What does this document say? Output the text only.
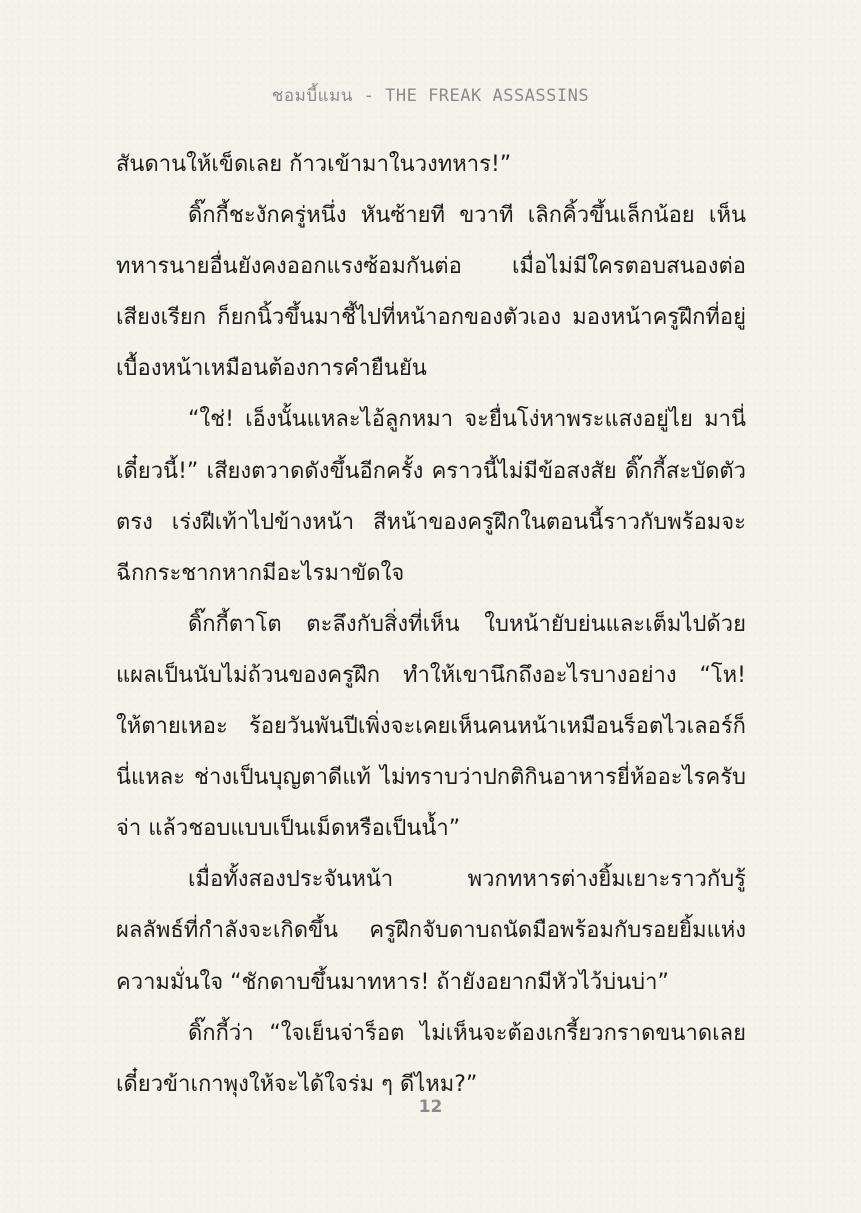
ชอมบี้แมน - THE FREAK ASSASSINS

สันดานให้เข็ดเลย ก้าวเข้ามาในวงทหาร!”

ดิ๊กกี้ชะงักครู่หนึ่ง หันซ้ายที ขวาที เลิกคิ้วขึ้นเล็กน้อย เห็นทหารนายอื่นยังคงออกแรงซ้อมกันต่อ เมื่อไม่มีใครตอบสนองต่อเสียงเรียก ก็ยกนิ้วขึ้นมาชี้ไปที่หน้าอกของตัวเอง มองหน้าครูฝึกที่อยู่เบื้องหน้าเหมือนต้องการคำยืนยัน

“ใช่! เอ็งนั้นแหละไอ้ลูกหมา จะยื่นโง่หาพระแสงอยู่ไย มานี่เดี๋ยวนี้!” เสียงตวาดดังขึ้นอีกครั้ง คราวนี้ไม่มีข้อสงสัย ดิ๊กกี้สะบัดตัวตรง เร่งฝีเท้าไปข้างหน้า สีหน้าของครูฝึกในตอนนี้ราวกับพร้อมจะฉีกกระชากหากมีอะไรมาขัดใจ

ดิ๊กกี้ตาโต ตะลึงกับสิ่งที่เห็น ใบหน้ายับย่นและเต็มไปด้วยแผลเป็นนับไม่ถ้วนของครูฝึก ทำให้เขานึกถึงอะไรบางอย่าง “โห! ให้ตายเหอะ ร้อยวันพันปีเพิ่งจะเคยเห็นคนหน้าเหมือนร็อตไวเลอร์ก็นี่แหละ ช่างเป็นบุญตาดีแท้ ไม่ทราบว่าปกติกินอาหารยี่ห้ออะไรครับจ่า แล้วชอบแบบเป็นเม็ดหรือเป็นน้ำ”

เมื่อทั้งสองประจันหน้า พวกทหารต่างยิ้มเยาะราวกับรู้ผลลัพธ์ที่กำลังจะเกิดขึ้น ครูฝึกจับดาบถนัดมือพร้อมกับรอยยิ้มแห่งความมั่นใจ “ชักดาบขึ้นมาทหาร! ถ้ายังอยากมีหัวไว้บ่นบ่า”

ดิ๊กกี้ว่า “ใจเย็นจ่าร็อต ไม่เห็นจะต้องเกรี้ยวกราดขนาดเลย เดี๋ยวข้าเกาพุงให้จะได้ใจร่ม ๆ ดีไหม?”

12
